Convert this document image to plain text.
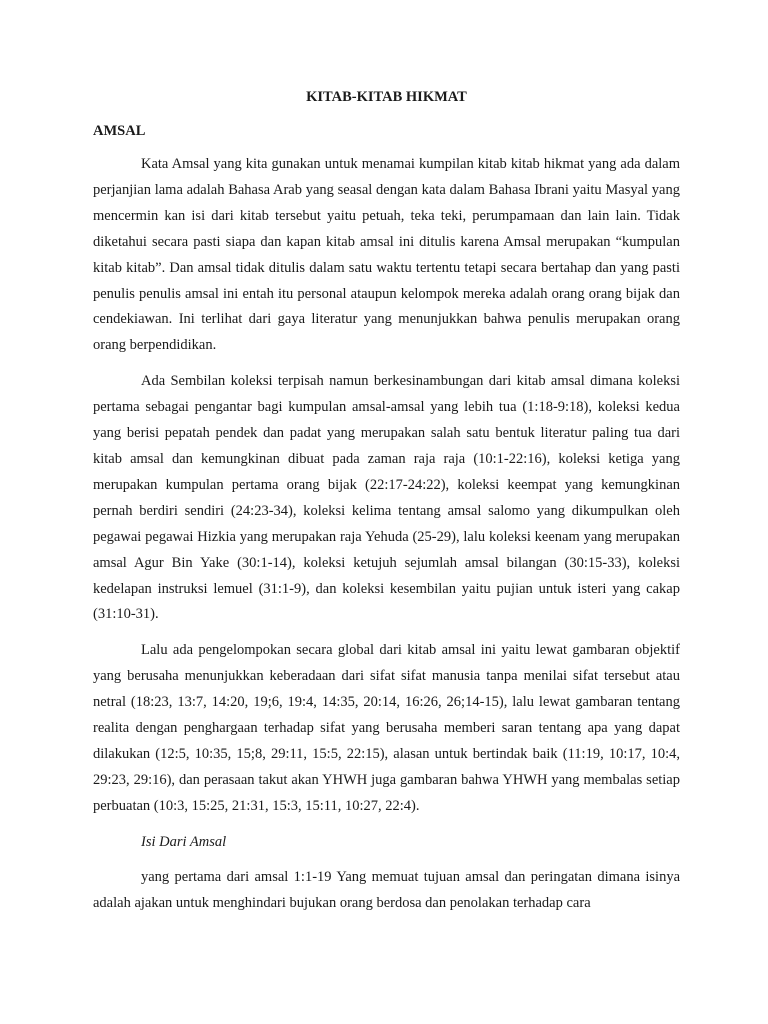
KITAB-KITAB HIKMAT
AMSAL

Kata Amsal yang kita gunakan untuk menamai kumpilan kitab kitab hikmat yang ada dalam perjanjian lama adalah Bahasa Arab yang seasal dengan kata dalam Bahasa Ibrani yaitu Masyal yang mencermin kan isi dari kitab tersebut yaitu petuah, teka teki, perumpamaan dan lain lain. Tidak diketahui secara pasti siapa dan kapan kitab amsal ini ditulis karena Amsal merupakan “kumpulan kitab kitab”. Dan amsal tidak ditulis dalam satu waktu tertentu tetapi secara bertahap dan yang pasti penulis penulis amsal ini entah itu personal ataupun kelompok mereka adalah orang orang bijak dan cendekiawan. Ini terlihat dari gaya literatur yang menunjukkan bahwa penulis merupakan orang orang berpendidikan.

Ada Sembilan koleksi terpisah namun berkesinambungan dari kitab amsal dimana koleksi pertama sebagai pengantar bagi kumpulan amsal-amsal yang lebih tua (1:18-9:18), koleksi kedua yang berisi pepatah pendek dan padat yang merupakan salah satu bentuk literatur paling tua dari kitab amsal dan kemungkinan dibuat pada zaman raja raja (10:1-22:16), koleksi ketiga yang merupakan kumpulan pertama orang bijak (22:17-24:22), koleksi keempat yang kemungkinan pernah berdiri sendiri (24:23-34), koleksi kelima tentang amsal salomo yang dikumpulkan oleh pegawai pegawai Hizkia yang merupakan raja Yehuda (25-29), lalu koleksi keenam yang merupakan amsal Agur Bin Yake (30:1-14), koleksi ketujuh sejumlah amsal bilangan (30:15-33), koleksi kedelapan instruksi lemuel (31:1-9), dan koleksi kesembilan yaitu pujian untuk isteri yang cakap (31:10-31).

Lalu ada pengelompokan secara global dari kitab amsal ini yaitu lewat gambaran objektif yang berusaha menunjukkan keberadaan dari sifat sifat manusia tanpa menilai sifat tersebut atau netral (18:23, 13:7, 14:20, 19;6, 19:4, 14:35, 20:14, 16:26, 26;14-15), lalu lewat gambaran tentang realita dengan penghargaan terhadap sifat yang berusaha memberi saran tentang apa yang dapat dilakukan (12:5, 10:35, 15;8, 29:11, 15:5, 22:15), alasan untuk bertindak baik (11:19, 10:17, 10:4, 29:23, 29:16), dan perasaan takut akan YHWH juga gambaran bahwa YHWH yang membalas setiap perbuatan (10:3, 15:25, 21:31, 15:3, 15:11, 10:27, 22:4).

Isi Dari Amsal

yang pertama dari amsal 1:1-19 Yang memuat tujuan amsal dan peringatan dimana isinya adalah ajakan untuk menghindari bujukan orang berdosa dan penolakan terhadap cara
